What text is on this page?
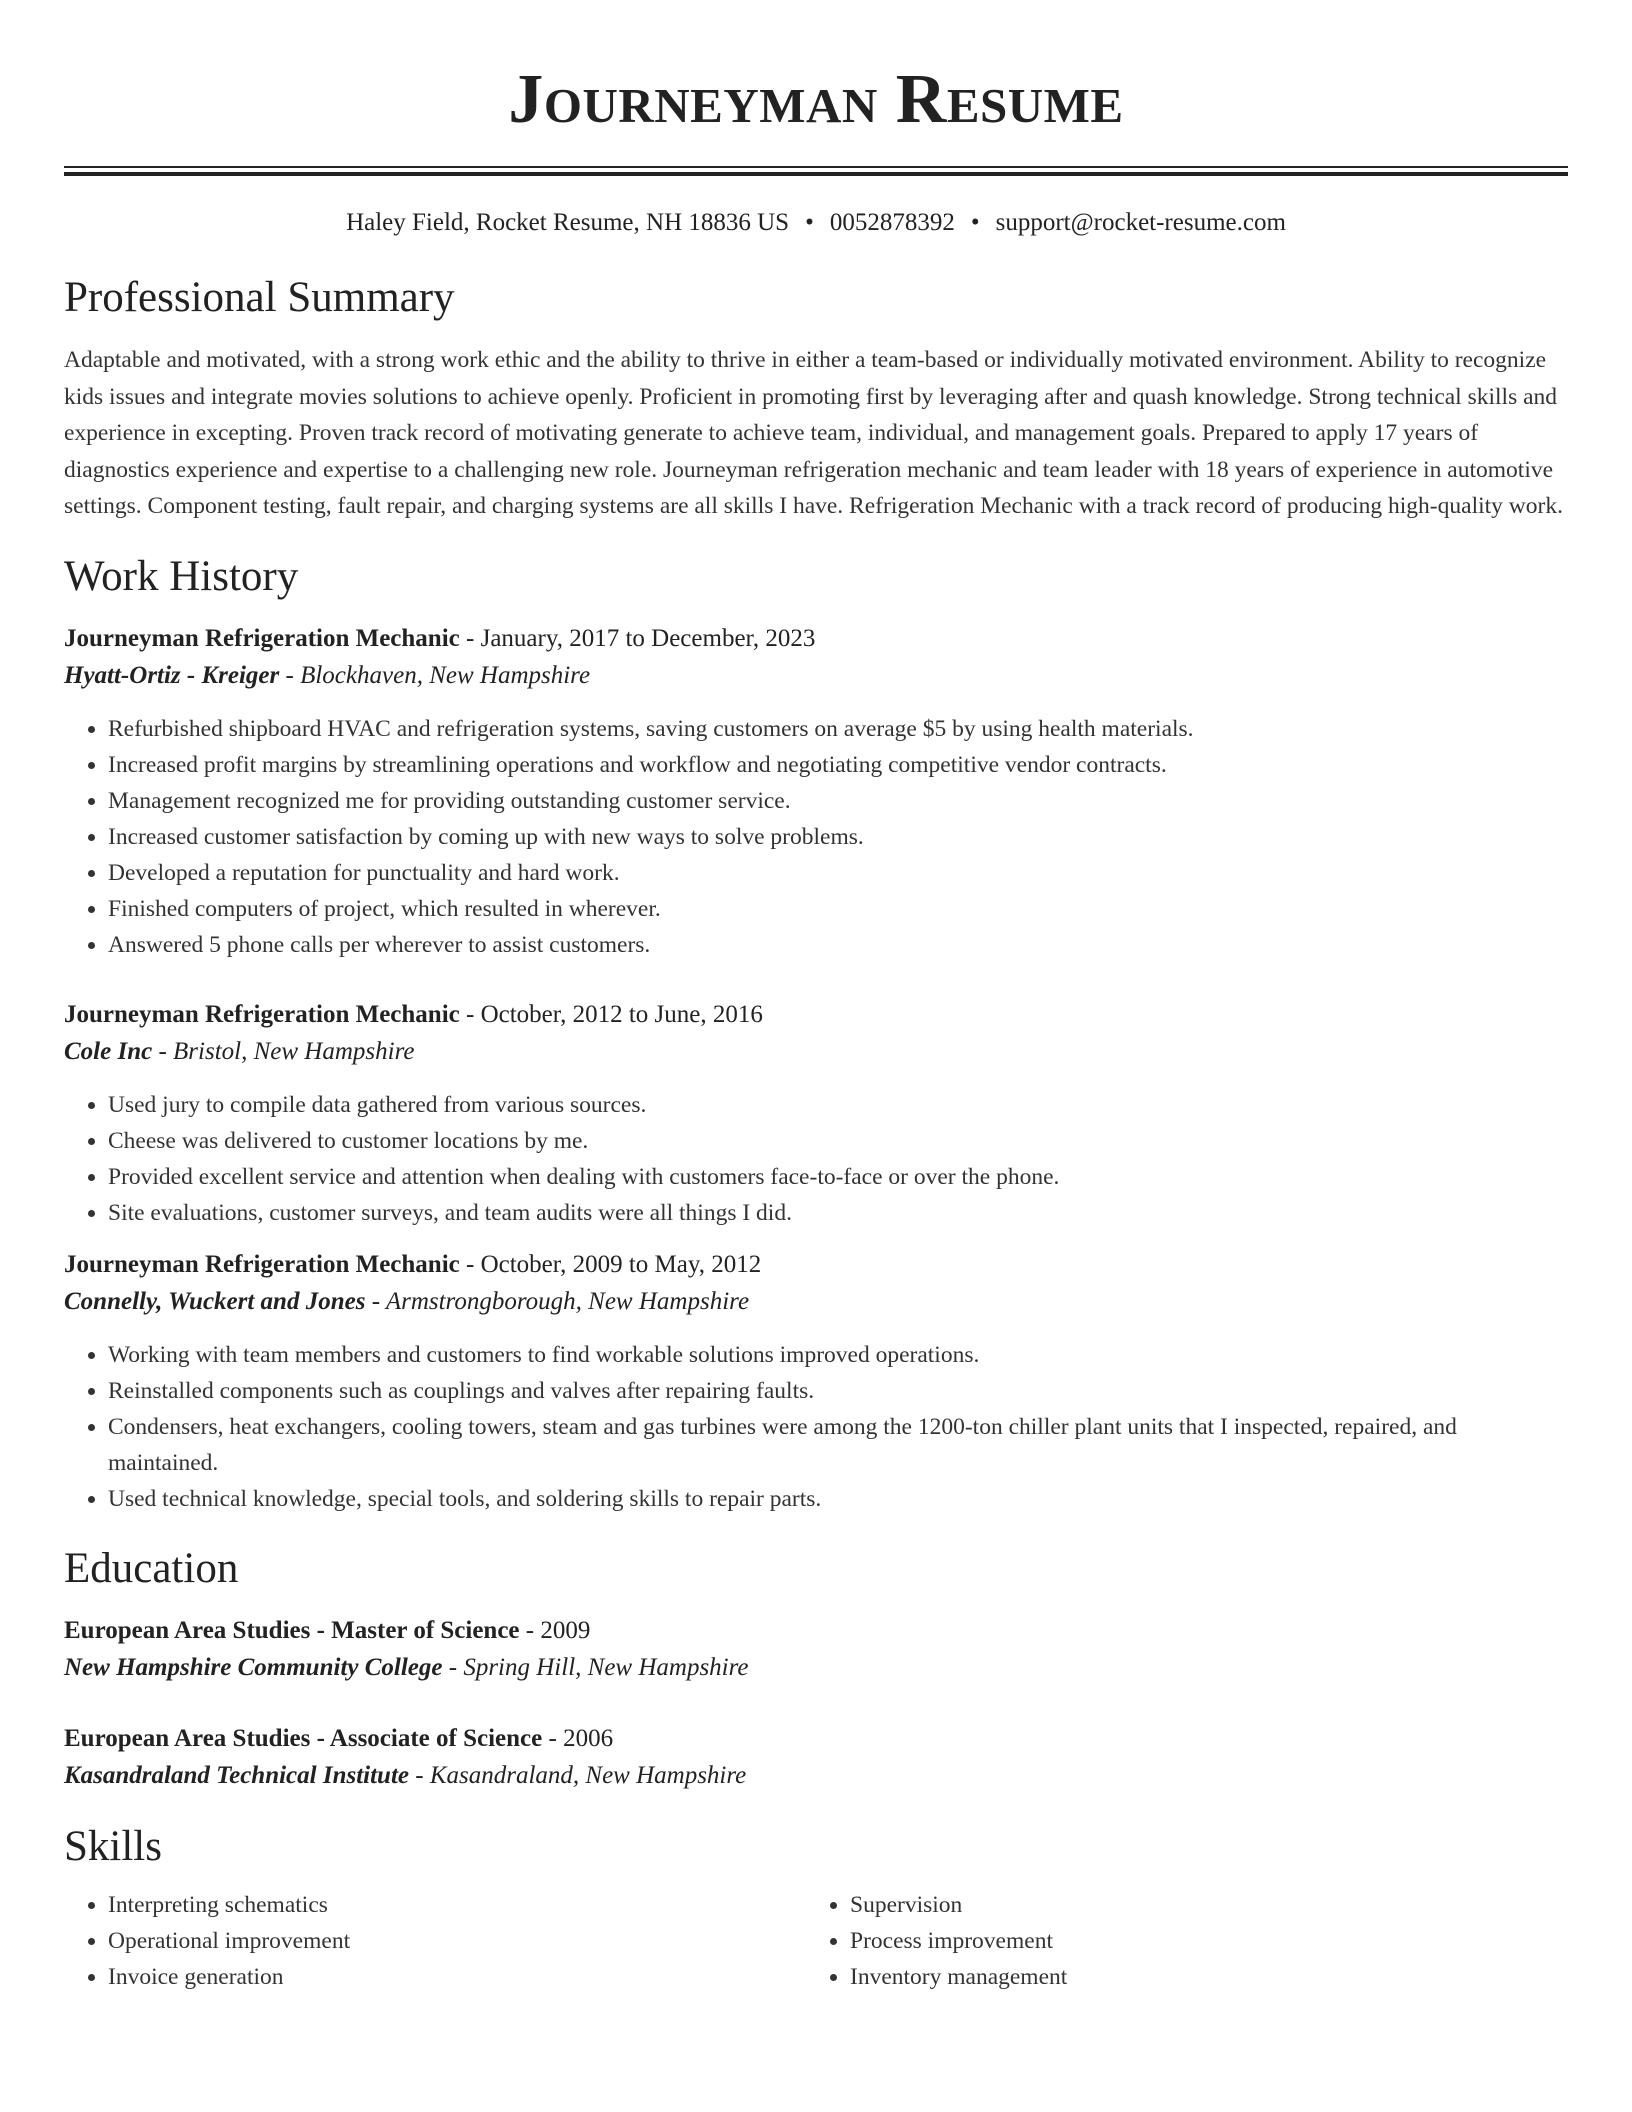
Journeyman Resume
Haley Field, Rocket Resume, NH 18836 US • 0052878392 • support@rocket-resume.com
Professional Summary

Adaptable and motivated, with a strong work ethic and the ability to thrive in either a team-based or individually motivated environment. Ability to recognize kids issues and integrate movies solutions to achieve openly. Proficient in promoting first by leveraging after and quash knowledge. Strong technical skills and experience in excepting. Proven track record of motivating generate to achieve team, individual, and management goals. Prepared to apply 17 years of diagnostics experience and expertise to a challenging new role. Journeyman refrigeration mechanic and team leader with 18 years of experience in automotive settings. Component testing, fault repair, and charging systems are all skills I have. Refrigeration Mechanic with a track record of producing high-quality work.

Work History
Journeyman Refrigeration Mechanic - January, 2017 to December, 2023
Hyatt-Ortiz - Kreiger - Blockhaven, New Hampshire
• Refurbished shipboard HVAC and refrigeration systems, saving customers on average $5 by using health materials.
• Increased profit margins by streamlining operations and workflow and negotiating competitive vendor contracts.
• Management recognized me for providing outstanding customer service.
• Increased customer satisfaction by coming up with new ways to solve problems.
• Developed a reputation for punctuality and hard work.
• Finished computers of project, which resulted in wherever.
• Answered 5 phone calls per wherever to assist customers.
Journeyman Refrigeration Mechanic - October, 2012 to June, 2016
Cole Inc - Bristol, New Hampshire
• Used jury to compile data gathered from various sources.
• Cheese was delivered to customer locations by me.
• Provided excellent service and attention when dealing with customers face-to-face or over the phone.
• Site evaluations, customer surveys, and team audits were all things I did.
Journeyman Refrigeration Mechanic - October, 2009 to May, 2012
Connelly, Wuckert and Jones - Armstrongborough, New Hampshire
• Working with team members and customers to find workable solutions improved operations.
• Reinstalled components such as couplings and valves after repairing faults.
• Condensers, heat exchangers, cooling towers, steam and gas turbines were among the 1200-ton chiller plant units that I inspected, repaired, and maintained.
• Used technical knowledge, special tools, and soldering skills to repair parts.
Education
European Area Studies - Master of Science - 2009
New Hampshire Community College - Spring Hill, New Hampshire
European Area Studies - Associate of Science - 2006
Kasandraland Technical Institute - Kasandraland, New Hampshire
Skills
• Interpreting schematics
• Operational improvement
• Invoice generation
• Supervision
• Process improvement
• Inventory management
